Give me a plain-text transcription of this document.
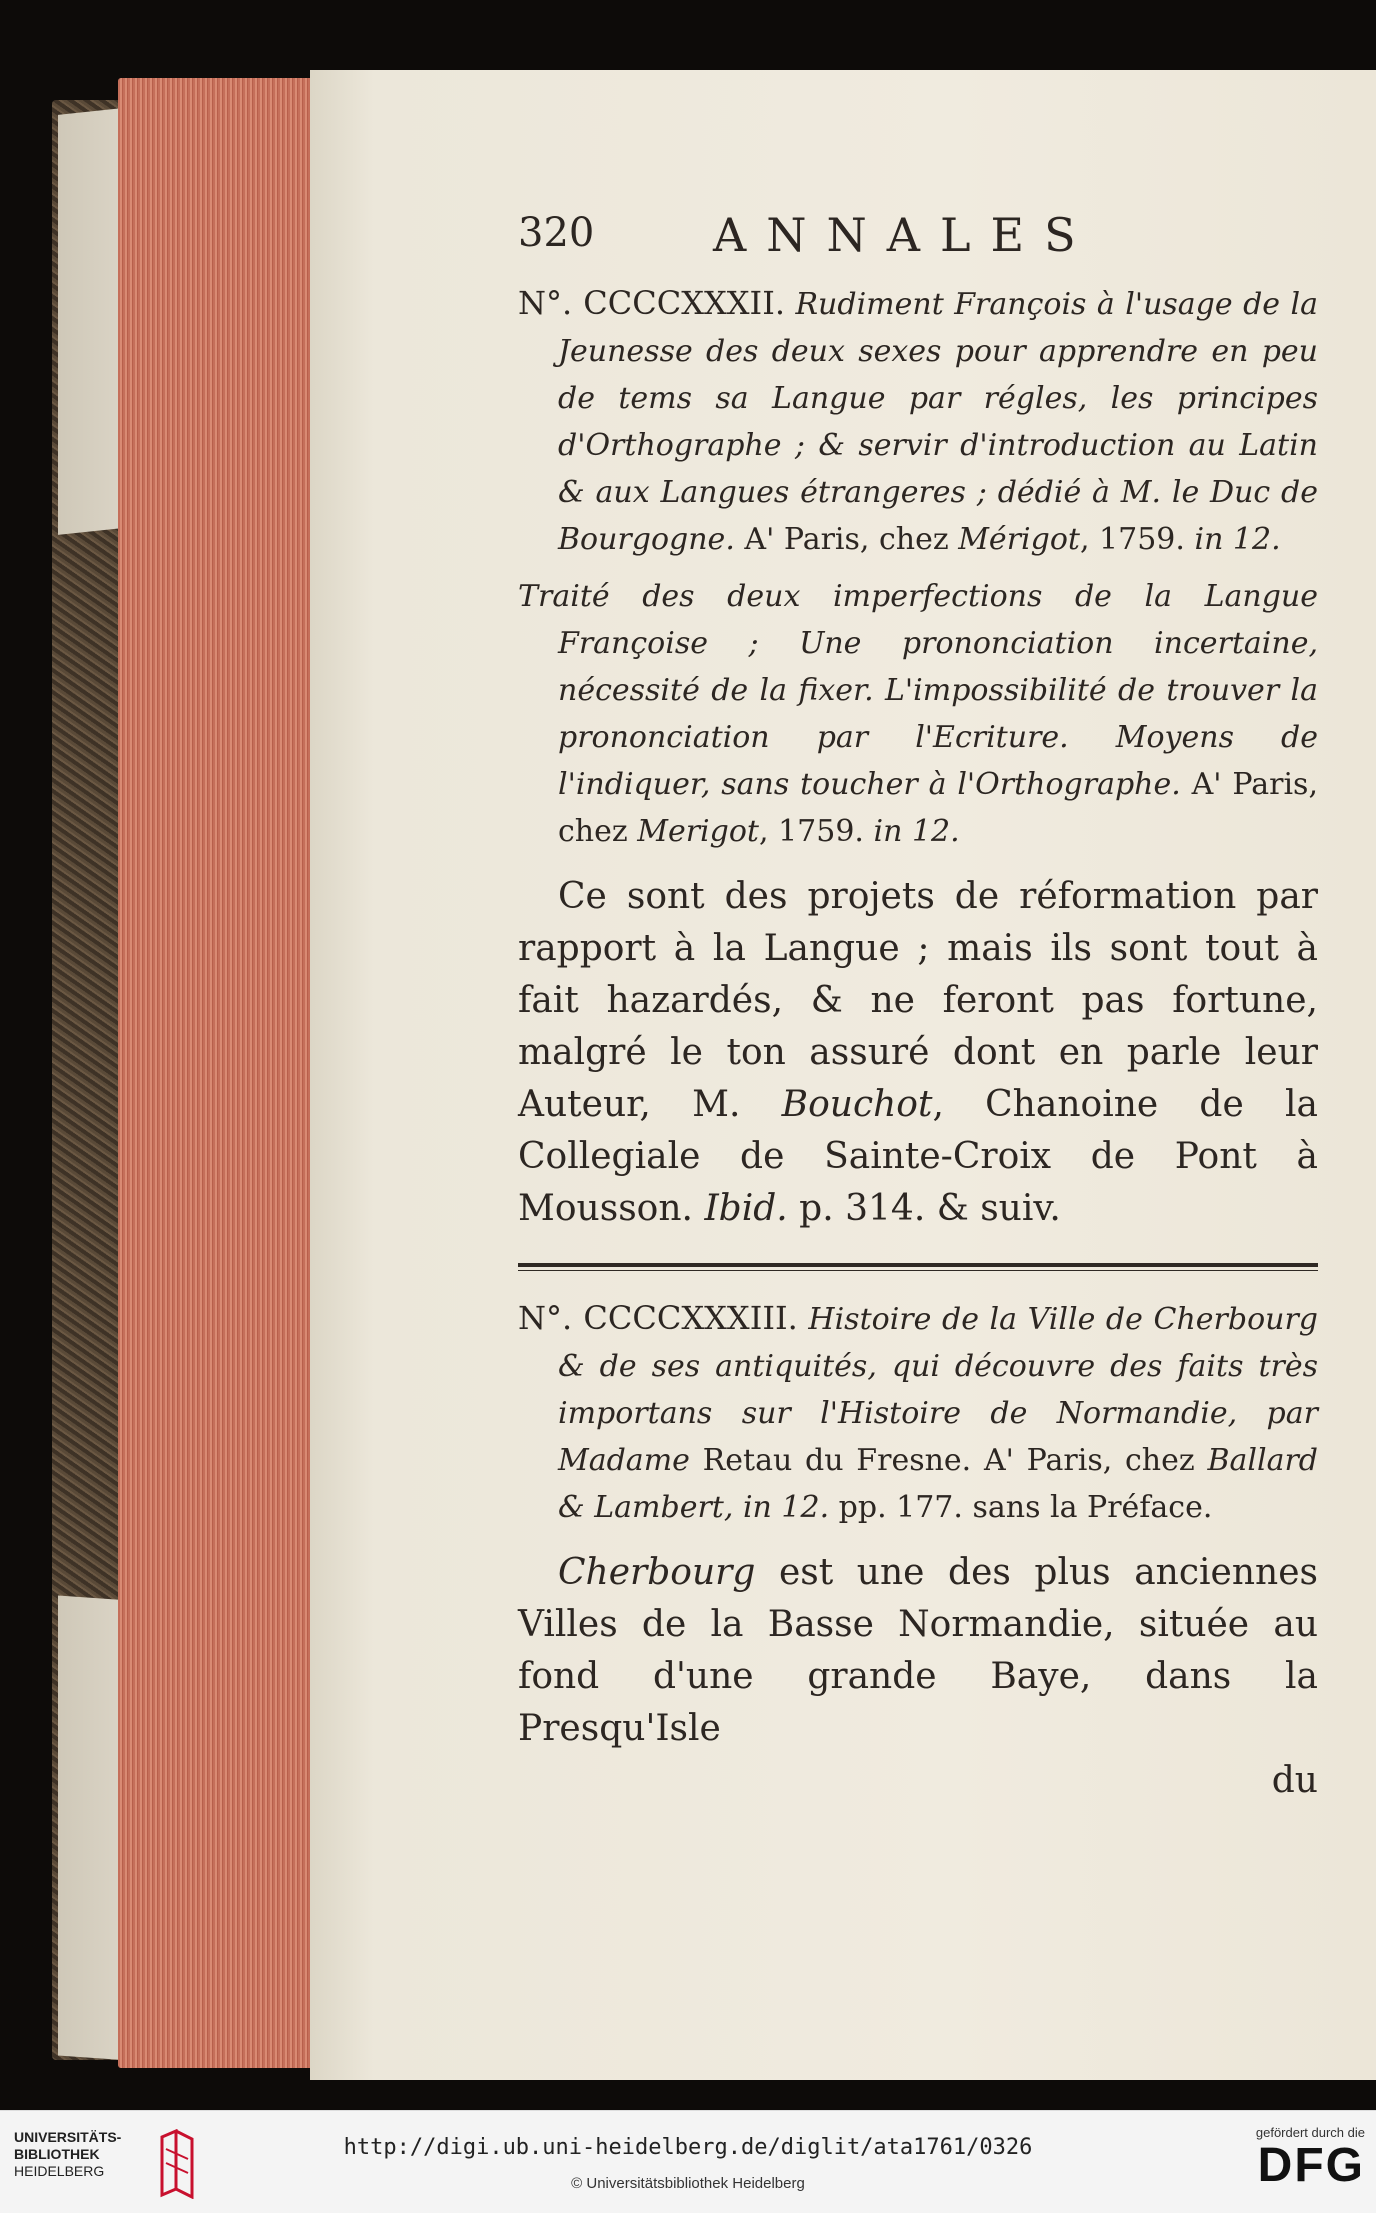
320	ANNALES

N°. CCCCXXXII. Rudiment François à l'usage de la Jeunesse des deux sexes pour apprendre en peu de tems sa Langue par régles, les principes d'Orthographe ; & servir d'introduction au Latin & aux Langues étrangeres ; dédié à M. le Duc de Bourgogne. A' Paris, chez Mérigot, 1759. in 12.

Traité des deux imperfections de la Langue Françoise ; Une prononciation incertaine, nécessité de la fixer. L'impossibilité de trouver la prononciation par l'Ecriture. Moyens de l'indiquer, sans toucher à l'Orthographe. A' Paris, chez Merigot, 1759. in 12.

Ce sont des projets de réformation par rapport à la Langue ; mais ils sont tout à fait hazardés, & ne feront pas fortune, malgré le ton assuré dont en parle leur Auteur, M. Bouchot, Chanoine de la Collegiale de Sainte-Croix de Pont à Mousson. Ibid. p. 314. & suiv.

N°. CCCCXXXIII. Histoire de la Ville de Cherbourg & de ses antiquités, qui découvre des faits très importans sur l'Histoire de Normandie, par Madame Retau du Fresne. A' Paris, chez Ballard & Lambert, in 12. pp. 177. sans la Préface.

Cherbourg est une des plus anciennes Villes de la Basse Normandie, située au fond d'une grande Baye, dans la Presqu'Isle

du
UNIVERSITÄTS-
BIBLIOTHEK
HEIDELBERG
http://digi.ub.uni-heidelberg.de/diglit/ata1761/0326
© Universitätsbibliothek Heidelberg
gefördert durch die
DFG
